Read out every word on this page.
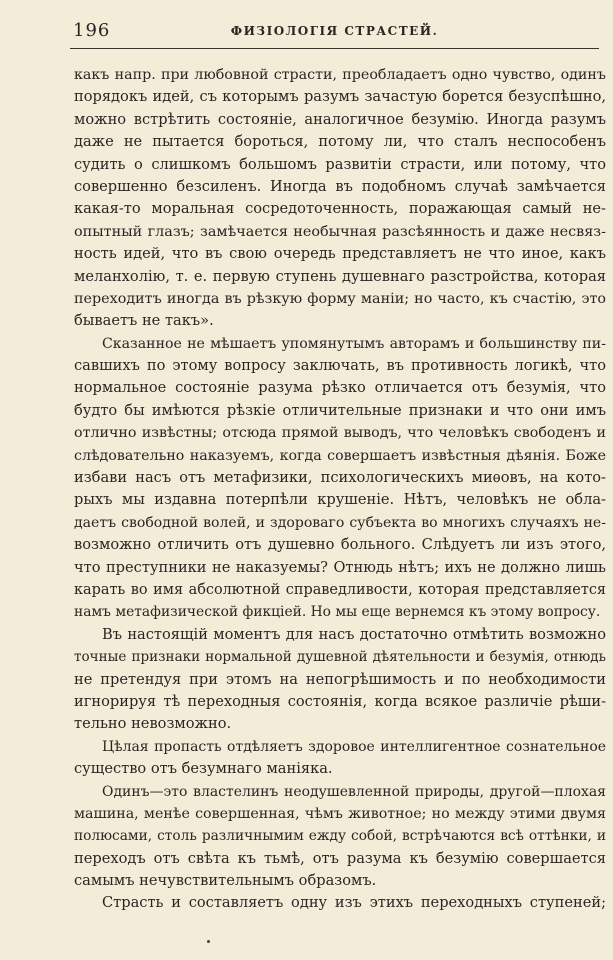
196	ФИЗІОЛОГІЯ СТРАСТЕЙ.
какъ напр. при любовной страсти, преобладаетъ одно чувство, одинъ
порядокъ идей, съ которымъ разумъ зачастую борется безуспѣшно,
можно встрѣтить состояніе, аналогичное безумію. Иногда разумъ
даже не пытается бороться, потому ли, что сталъ неспособенъ
судить о слишкомъ большомъ развитіи страсти, или потому, что
совершенно безсиленъ. Иногда въ подобномъ случаѣ замѣчается
какая-то моральная сосредоточенность, поражающая самый не-
опытный глазъ; замѣчается необычная разсѣянность и даже несвяз-
ность идей, что въ свою очередь представляетъ не что иное, какъ
меланхолію, т. е. первую ступень душевнаго разстройства, которая
переходитъ иногда въ рѣзкую форму маніи; но часто, къ счастію, это
бываетъ не такъ».
Сказанное не мѣшаетъ упомянутымъ авторамъ и большинству пи-
савшихъ по этому вопросу заключать, въ противность логикѣ, что
нормальное состояніе разума рѣзко отличается отъ безумія, что
будто бы имѣются рѣзкіе отличительные признаки и что они имъ
отлично извѣстны; отсюда прямой выводъ, что человѣкъ свободенъ и
слѣдовательно наказуемъ, когда совершаетъ извѣстныя дѣянія. Боже
избави насъ отъ метафизики, психологическихъ миѳовъ, на кото-
рыхъ мы издавна потерпѣли крушеніе. Нѣтъ, человѣкъ не обла-
даетъ свободной волей, и здороваго субъекта во многихъ случаяхъ не-
возможно отличить отъ душевно больного. Слѣдуетъ ли изъ этого,
что преступники не наказуемы? Отнюдь нѣтъ; ихъ не должно лишь
карать во имя абсолютной справедливости, которая представляется
намъ метафизической фикціей. Но мы еще вернемся къ этому вопросу.
Въ настоящій моментъ для насъ достаточно отмѣтить возможно
точные признаки нормальной душевной дѣятельности и безумія, отнюдь
не претендуя при этомъ на непогрѣшимость и по необходимости
игнорируя тѣ переходныя состоянія, когда всякое различіе рѣши-
тельно невозможно.
Цѣлая пропасть отдѣляетъ здоровое интеллигентное сознательное
существо отъ безумнаго маніяка.
Одинъ—это властелинъ неодушевленной природы, другой—плохая
машина, менѣе совершенная, чѣмъ животное; но между этими двумя
полюсами, столь различнымим ежду собой, встрѣчаются всѣ оттѣнки, и
переходъ отъ свѣта къ тьмѣ, отъ разума къ безумію совершается
самымъ нечувствительнымъ образомъ.
Страсть и составляетъ одну изъ этихъ переходныхъ ступеней;
